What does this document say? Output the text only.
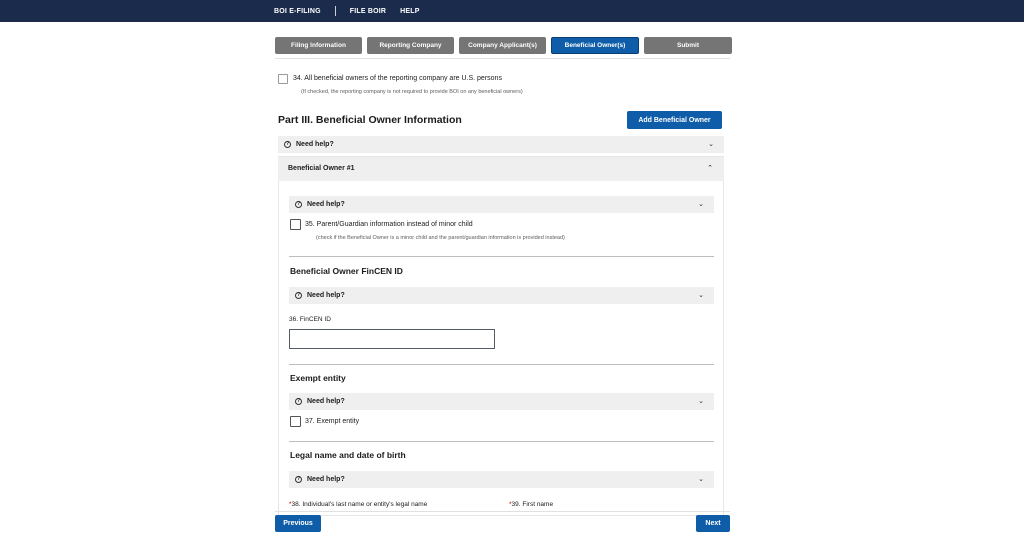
BOI E-FILING	FILE BOIR HELP
Filing Information	Reporting Company	Company Applicant(s)	Beneficial Owner(s)	Submit
34. All beneficial owners of the reporting company are U.S. persons
(If checked, the reporting company is not required to provide BOI on any beneficial owners)
Part III. Beneficial Owner Information	Add Beneficial Owner
? Need help?	⌄
Beneficial Owner #1	⌃
? Need help?	⌄
35. Parent/Guardian information instead of minor child
(check if the Beneficial Owner is a minor child and the parent/guardian information is provided instead)
Beneficial Owner FinCEN ID
? Need help?	⌄
36. FinCEN ID
Exempt entity
? Need help?	⌄
37. Exempt entity
Legal name and date of birth
? Need help?	⌄
*38. Individual's last name or entity's legal name	*39. First name
Previous	Next
